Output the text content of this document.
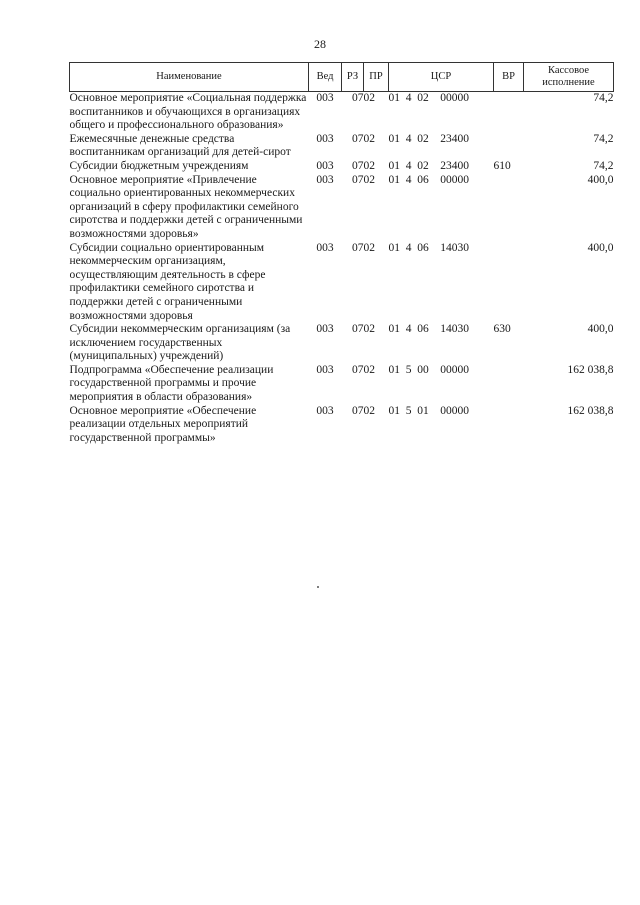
28
Наименование	Вед	РЗ	ПР	ЦСР	ВР	Кассовое исполнение
Основное мероприятие «Социальная поддержка воспитанников и обучающихся в организациях общего и профессионального образования»	003	07	02	01  4  02    00000		74,2
Ежемесячные денежные средства воспитанникам организаций для детей-сирот	003	07	02	01  4  02    23400		74,2
Субсидии бюджетным учреждениям	003	07	02	01  4  02    23400	610	74,2
Основное мероприятие «Привлечение социально ориентированных некоммерческих организаций в сферу профилактики семейного сиротства и поддержки детей с ограниченными возможностями здоровья»	003	07	02	01  4  06    00000		400,0
Субсидии социально ориентированным некоммерческим организациям, осуществляющим деятельность в сфере профилактики семейного сиротства и поддержки детей с ограниченными возможностями здоровья	003	07	02	01  4  06    14030		400,0
Субсидии некоммерческим организациям (за исключением государственных (муниципальных) учреждений)	003	07	02	01  4  06    14030	630	400,0
Подпрограмма «Обеспечение реализации государственной программы и прочие мероприятия в области образования»	003	07	02	01  5  00    00000		162 038,8
Основное мероприятие «Обеспечение реализации отдельных мероприятий государственной программы»	003	07	02	01  5  01    00000		162 038,8
